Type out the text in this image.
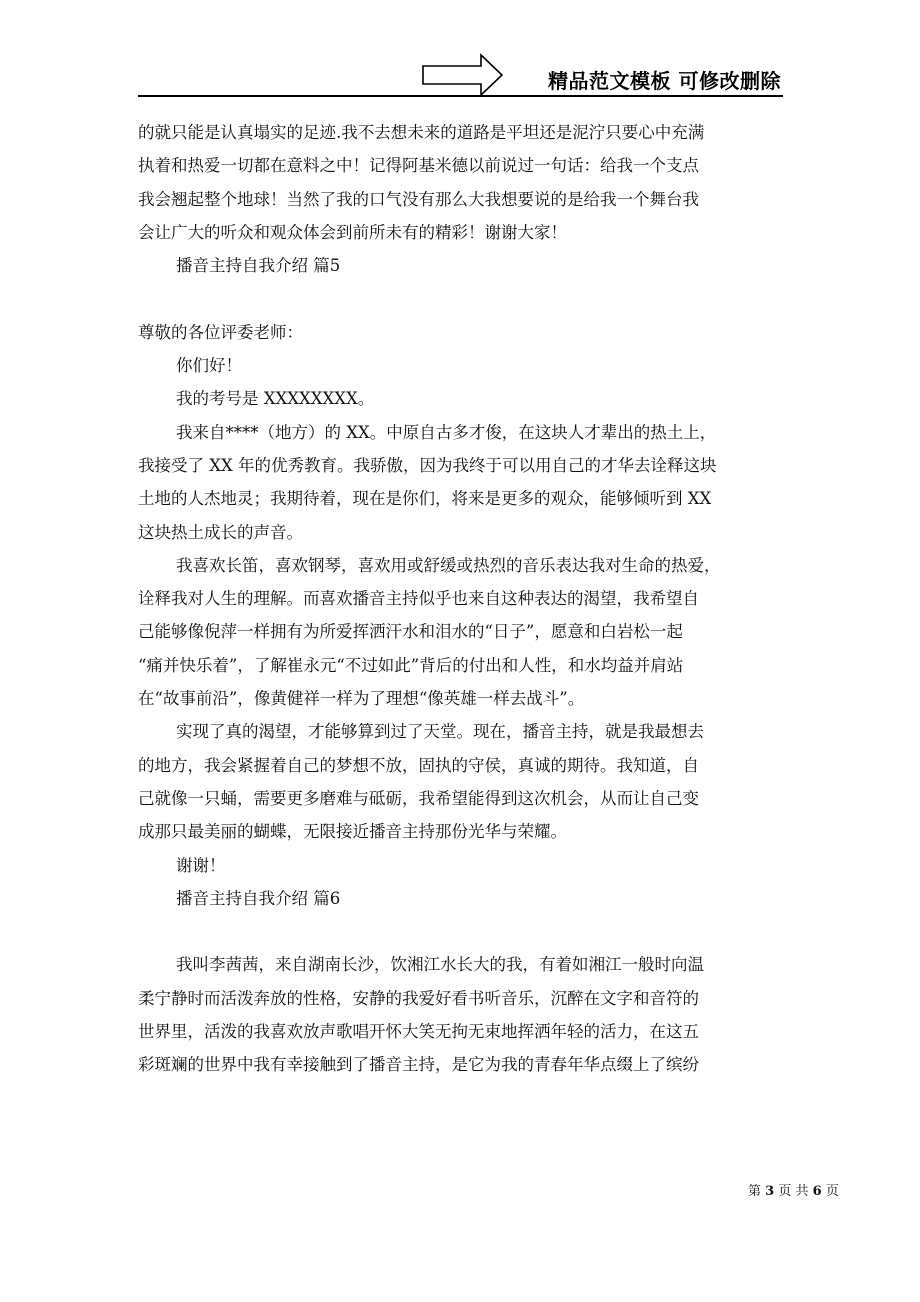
精品范文模板 可修改删除
的就只能是认真塌实的足迹.我不去想未来的道路是平坦还是泥泞只要心中充满
执着和热爱一切都在意料之中！记得阿基米德以前说过一句话：给我一个支点
我会翘起整个地球！当然了我的口气没有那么大我想要说的是给我一个舞台我
会让广大的听众和观众体会到前所未有的精彩！谢谢大家！
播音主持自我介绍 篇5
尊敬的各位评委老师：
你们好！
我的考号是 XXXXXXXX。
我来自****（地方）的 XX。中原自古多才俊，在这块人才辈出的热土上，
我接受了 XX 年的优秀教育。我骄傲，因为我终于可以用自己的才华去诠释这块
土地的人杰地灵；我期待着，现在是你们，将来是更多的观众，能够倾听到 XX
这块热土成长的声音。
我喜欢长笛，喜欢钢琴，喜欢用或舒缓或热烈的音乐表达我对生命的热爱，
诠释我对人生的理解。而喜欢播音主持似乎也来自这种表达的渴望，我希望自
己能够像倪萍一样拥有为所爱挥洒汗水和泪水的“日子”，愿意和白岩松一起
“痛并快乐着”，了解崔永元“不过如此”背后的付出和人性，和水均益并肩站
在“故事前沿”，像黄健祥一样为了理想“像英雄一样去战斗”。
实现了真的渴望，才能够算到过了天堂。现在，播音主持，就是我最想去
的地方，我会紧握着自己的梦想不放，固执的守侯，真诚的期待。我知道，自
己就像一只蛹，需要更多磨难与砥砺，我希望能得到这次机会，从而让自己变
成那只最美丽的蝴蝶，无限接近播音主持那份光华与荣耀。
谢谢！
播音主持自我介绍 篇6
我叫李茜茜，来自湖南长沙，饮湘江水长大的我，有着如湘江一般时向温
柔宁静时而活泼奔放的性格，安静的我爱好看书听音乐，沉醉在文字和音符的
世界里，活泼的我喜欢放声歌唱开怀大笑无拘无束地挥洒年轻的活力，在这五
彩斑斓的世界中我有幸接触到了播音主持，是它为我的青春年华点缀上了缤纷
第 3 页 共 6 页
